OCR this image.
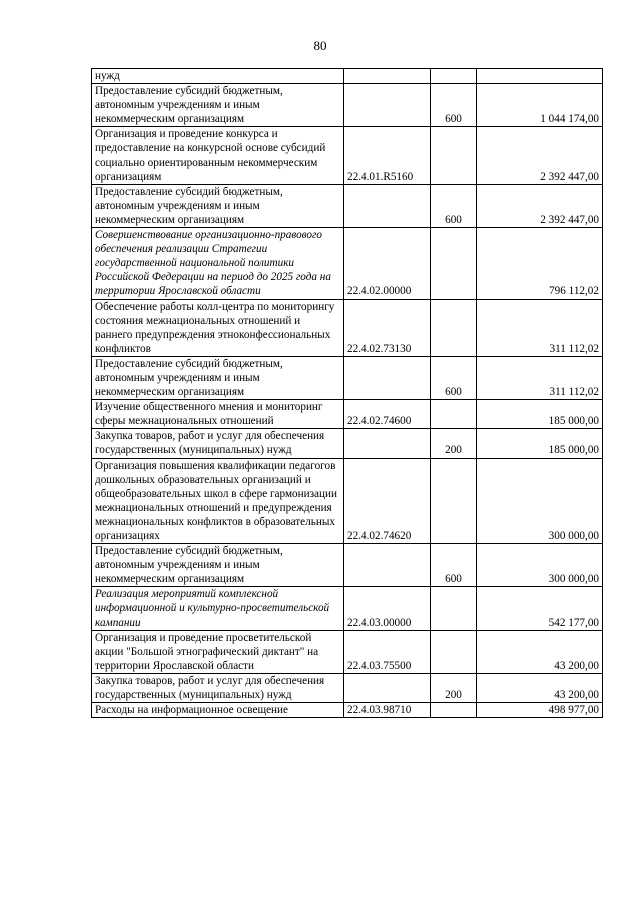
80
нужд			
Предоставление субсидий бюджетным, автономным учреждениям и иным некоммерческим организациям		600	1 044 174,00
Организация и проведение конкурса и предоставление на конкурсной основе субсидий социально ориентированным некоммерческим организациям	22.4.01.R5160		2 392 447,00
Предоставление субсидий бюджетным, автономным учреждениям и иным некоммерческим организациям		600	2 392 447,00
Совершенствование организационно-правового обеспечения реализации Стратегии государственной национальной политики Российской Федерации на период до 2025 года на территории Ярославской области	22.4.02.00000		796 112,02
Обеспечение работы колл-центра по мониторингу состояния межнациональных отношений и раннего предупреждения этноконфессиональных конфликтов	22.4.02.73130		311 112,02
Предоставление субсидий бюджетным, автономным учреждениям и иным некоммерческим организациям		600	311 112,02
Изучение общественного мнения и мониторинг сферы межнациональных отношений	22.4.02.74600		185 000,00
Закупка товаров, работ и услуг для обеспечения государственных (муниципальных) нужд		200	185 000,00
Организация повышения квалификации педагогов дошкольных образовательных организаций и общеобразовательных школ в сфере гармонизации межнациональных отношений и предупреждения межнациональных конфликтов в образовательных организациях	22.4.02.74620		300 000,00
Предоставление субсидий бюджетным, автономным учреждениям и иным некоммерческим организациям		600	300 000,00
Реализация мероприятий комплексной информационной и культурно-просветительской кампании	22.4.03.00000		542 177,00
Организация и проведение просветительской акции "Большой этнографический диктант" на территории Ярославской области	22.4.03.75500		43 200,00
Закупка товаров, работ и услуг для обеспечения государственных (муниципальных) нужд		200	43 200,00
Расходы на информационное освещение	22.4.03.98710		498 977,00
